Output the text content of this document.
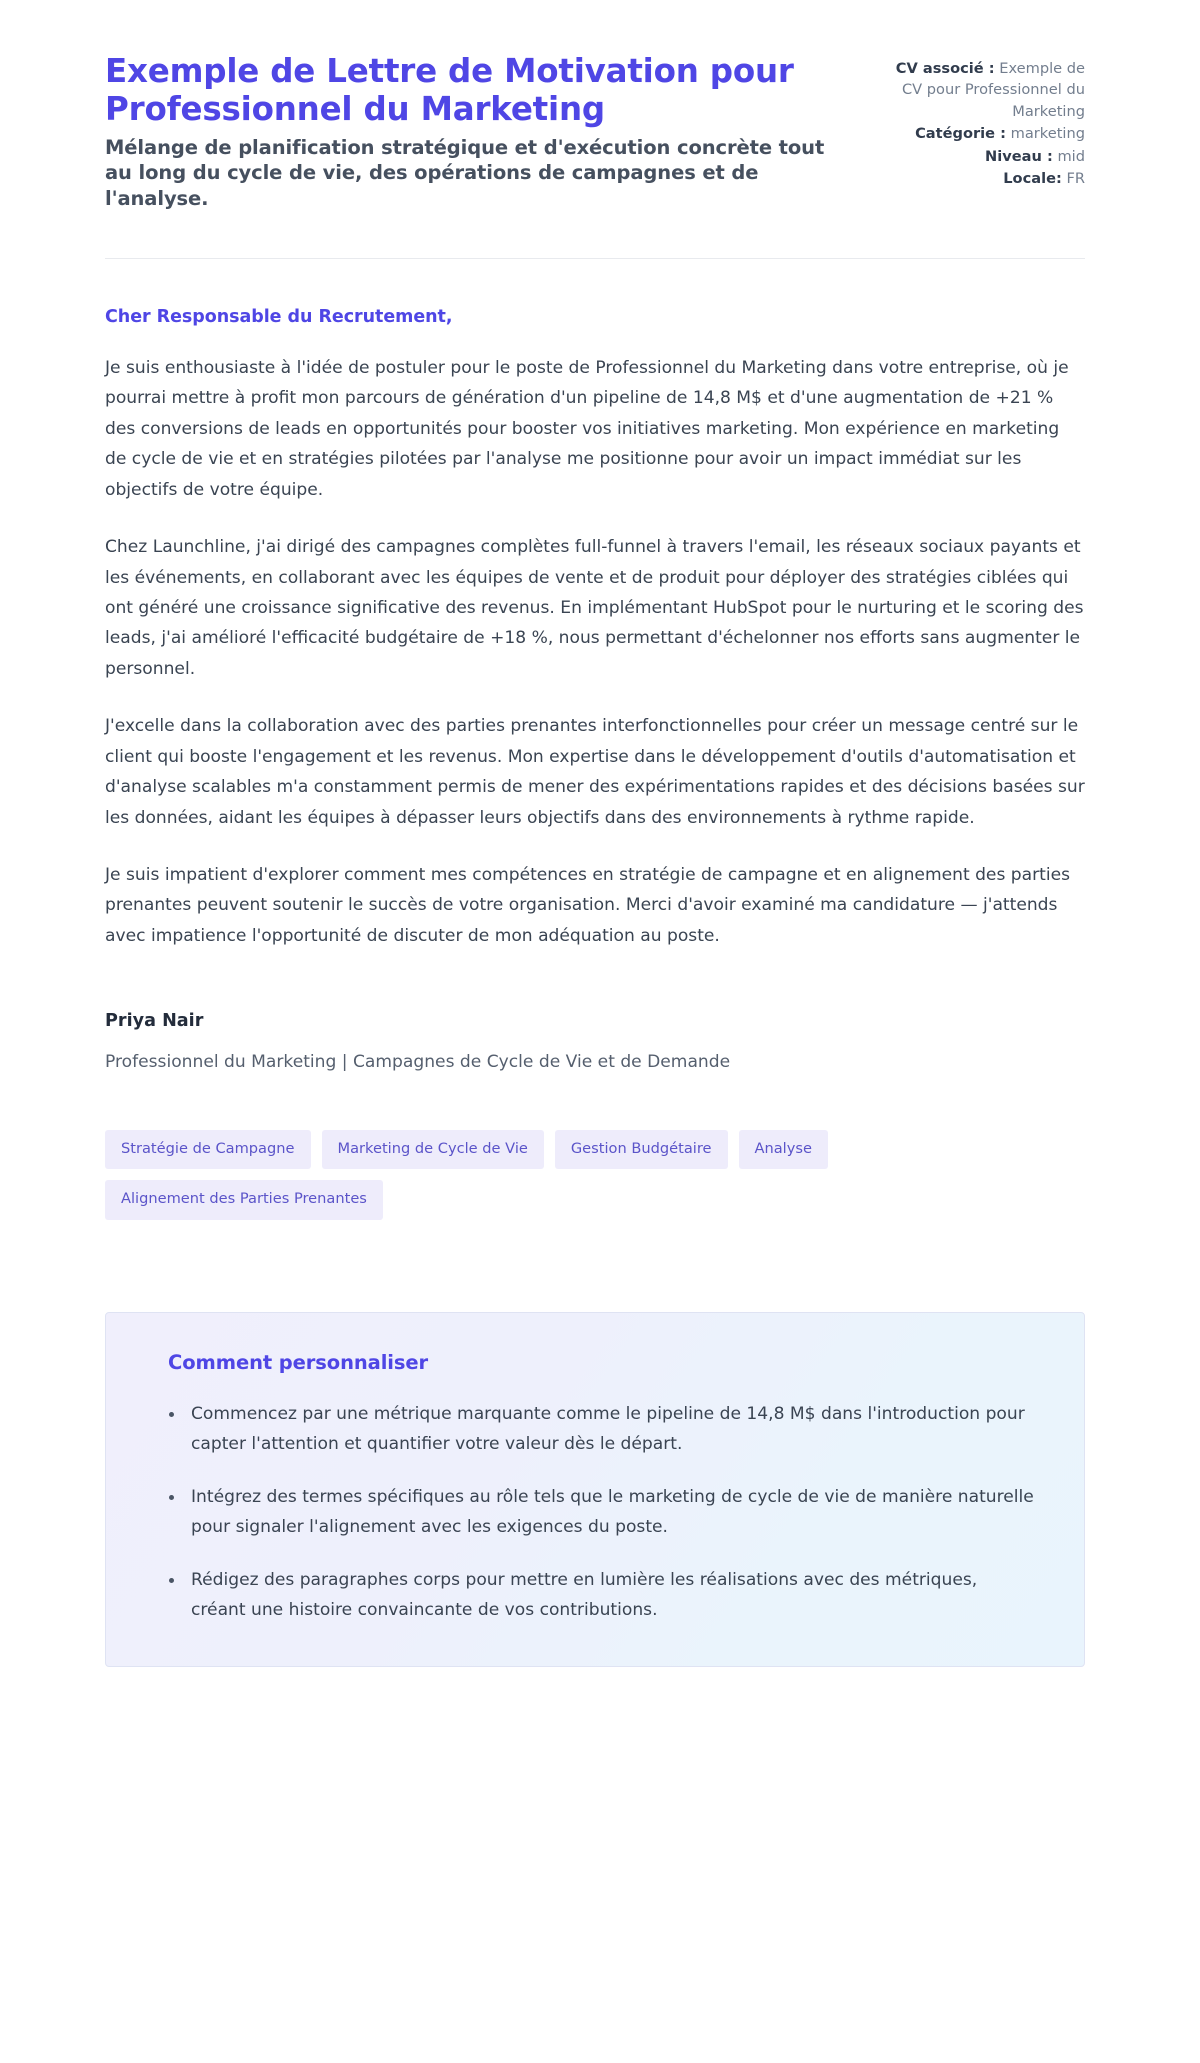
Exemple de Lettre de Motivation pour Professionnel du Marketing

Mélange de planification stratégique et d'exécution concrète tout au long du cycle de vie, des opérations de campagnes et de l'analyse.

CV associé : Exemple de CV pour Professionnel du Marketing
Catégorie : marketing
Niveau : mid
Locale: FR

Cher Responsable du Recrutement,

Je suis enthousiaste à l'idée de postuler pour le poste de Professionnel du Marketing dans votre entreprise, où je pourrai mettre à profit mon parcours de génération d'un pipeline de 14,8 M$ et d'une augmentation de +21 % des conversions de leads en opportunités pour booster vos initiatives marketing. Mon expérience en marketing de cycle de vie et en stratégies pilotées par l'analyse me positionne pour avoir un impact immédiat sur les objectifs de votre équipe.

Chez Launchline, j'ai dirigé des campagnes complètes full-funnel à travers l'email, les réseaux sociaux payants et les événements, en collaborant avec les équipes de vente et de produit pour déployer des stratégies ciblées qui ont généré une croissance significative des revenus. En implémentant HubSpot pour le nurturing et le scoring des leads, j'ai amélioré l'efficacité budgétaire de +18 %, nous permettant d'échelonner nos efforts sans augmenter le personnel.

J'excelle dans la collaboration avec des parties prenantes interfonctionnelles pour créer un message centré sur le client qui booste l'engagement et les revenus. Mon expertise dans le développement d'outils d'automatisation et d'analyse scalables m'a constamment permis de mener des expérimentations rapides et des décisions basées sur les données, aidant les équipes à dépasser leurs objectifs dans des environnements à rythme rapide.

Je suis impatient d'explorer comment mes compétences en stratégie de campagne et en alignement des parties prenantes peuvent soutenir le succès de votre organisation. Merci d'avoir examiné ma candidature — j'attends avec impatience l'opportunité de discuter de mon adéquation au poste.

Priya Nair
Professionnel du Marketing | Campagnes de Cycle de Vie et de Demande
Stratégie de Campagne	Marketing de Cycle de Vie	Gestion Budgétaire	Analyse
Alignement des Parties Prenantes
Comment personnaliser
Commencez par une métrique marquante comme le pipeline de 14,8 M$ dans l'introduction pour capter l'attention et quantifier votre valeur dès le départ.
Intégrez des termes spécifiques au rôle tels que le marketing de cycle de vie de manière naturelle pour signaler l'alignement avec les exigences du poste.
Rédigez des paragraphes corps pour mettre en lumière les réalisations avec des métriques, créant une histoire convaincante de vos contributions.
